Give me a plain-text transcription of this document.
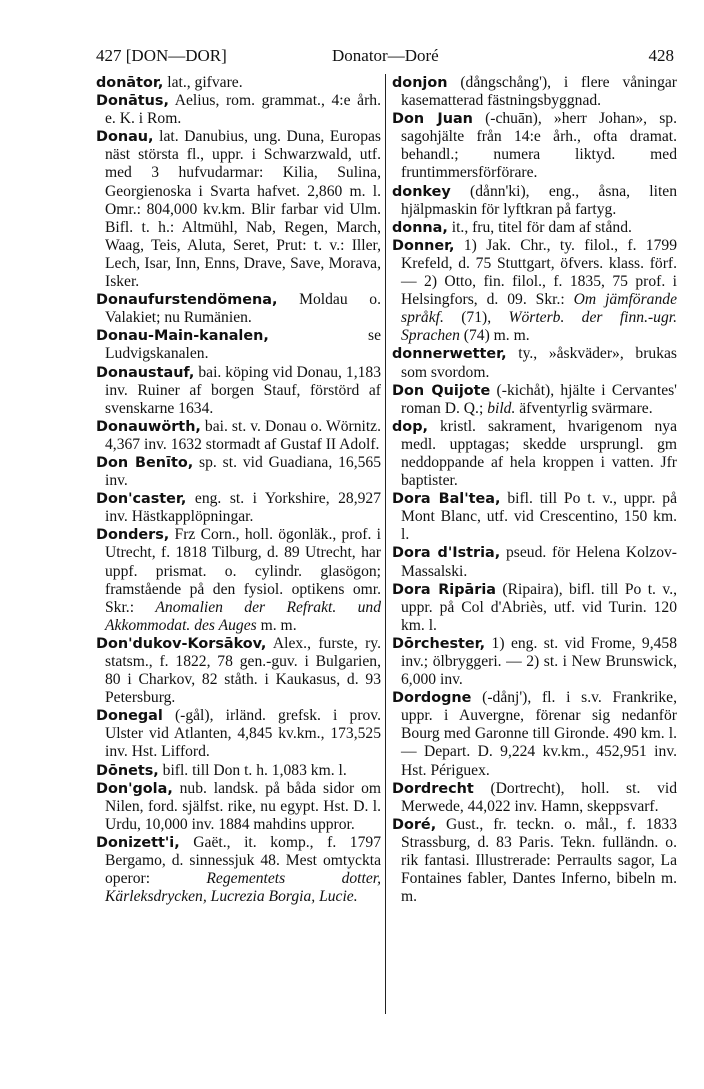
427 [DON—DOR]	Donator—Doré	428

donātor, lat., gifvare.

Donātus, Aelius, rom. grammat., 4:e årh. e. K. i Rom.

Donau, lat. Danubius, ung. Duna, Europas näst största fl., uppr. i Schwarzwald, utf. med 3 hufvudarmar: Kilia, Sulina, Georgienoska i Svarta hafvet. 2,860 m. l. Omr.: 804,000 kv.km. Blir farbar vid Ulm. Bifl. t. h.: Altmühl, Nab, Regen, March, Waag, Teis, Aluta, Seret, Prut: t. v.: Iller, Lech, Isar, Inn, Enns, Drave, Save, Morava, Isker.

Donaufurstendömena, Moldau o. Valakiet; nu Rumänien.

Donau-Main-kanalen, se Ludvigskanalen.

Donaustauf, bai. köping vid Donau, 1,183 inv. Ruiner af borgen Stauf, förstörd af svenskarne 1634.

Donauwörth, bai. st. v. Donau o. Wörnitz. 4,367 inv. 1632 stormadt af Gustaf II Adolf.

Don Benīto, sp. st. vid Guadiana, 16,565 inv.

Don'caster, eng. st. i Yorkshire, 28,927 inv. Hästkapplöpningar.

Donders, Frz Corn., holl. ögonläk., prof. i Utrecht, f. 1818 Tilburg, d. 89 Utrecht, har uppf. prismat. o. cylindr. glasögon; framstående på den fysiol. optikens omr. Skr.: Anomalien der Refrakt. und Akkommodat. des Auges m. m.

Don'dukov-Korsākov, Alex., furste, ry. statsm., f. 1822, 78 gen.-guv. i Bulgarien, 80 i Charkov, 82 ståth. i Kaukasus, d. 93 Petersburg.

Donegal (-gål), irländ. grefsk. i prov. Ulster vid Atlanten, 4,845 kv.km., 173,525 inv. Hst. Lifford.

Dōnets, bifl. till Don t. h. 1,083 km. l.

Don'gola, nub. landsk. på båda sidor om Nilen, ford. själfst. rike, nu egypt. Hst. D. l. Urdu, 10,000 inv. 1884 mahdins uppror.

Donizett'i, Gaët., it. komp., f. 1797 Bergamo, d. sinnessjuk 48. Mest omtyckta operor: Regementets dotter, Kärleksdrycken, Lucrezia Borgia, Lucie.

donjon (dångschång'), i flere våningar kasematterad fästningsbyggnad.

Don Juan (-chuān), »herr Johan», sp. sagohjälte från 14:e årh., ofta dramat. behandl.; numera liktyd. med fruntimmersförförare.

donkey (dånn'ki), eng., åsna, liten hjälpmaskin för lyftkran på fartyg.

donna, it., fru, titel för dam af stånd.

Donner, 1) Jak. Chr., ty. filol., f. 1799 Krefeld, d. 75 Stuttgart, öfvers. klass. förf. — 2) Otto, fin. filol., f. 1835, 75 prof. i Helsingfors, d. 09. Skr.: Om jämförande språkf. (71), Wörterb. der finn.-ugr. Sprachen (74) m. m.

donnerwetter, ty., »åskväder», brukas som svordom.

Don Quijote (-kichåt), hjälte i Cervantes' roman D. Q.; bild. äfventyrlig svärmare.

dop, kristl. sakrament, hvarigenom nya medl. upptagas; skedde ursprungl. gm neddoppande af hela kroppen i vatten. Jfr baptister.

Dora Bal'tea, bifl. till Po t. v., uppr. på Mont Blanc, utf. vid Crescentino, 150 km. l.

Dora d'Istria, pseud. för Helena Kolzov-Massalski.

Dora Ripāria (Ripaira), bifl. till Po t. v., uppr. på Col d'Abriès, utf. vid Turin. 120 km. l.

Dōrchester, 1) eng. st. vid Frome, 9,458 inv.; ölbryggeri. — 2) st. i New Brunswick, 6,000 inv.

Dordogne (-dånj'), fl. i s.v. Frankrike, uppr. i Auvergne, förenar sig nedanför Bourg med Garonne till Gironde. 490 km. l. — Depart. D. 9,224 kv.km., 452,951 inv. Hst. Périguex.

Dordrecht (Dortrecht), holl. st. vid Merwede, 44,022 inv. Hamn, skeppsvarf.

Doré, Gust., fr. teckn. o. mål., f. 1833 Strassburg, d. 83 Paris. Tekn. fulländn. o. rik fantasi. Illustrerade: Perraults sagor, La Fontaines fabler, Dantes Inferno, bibeln m. m.
